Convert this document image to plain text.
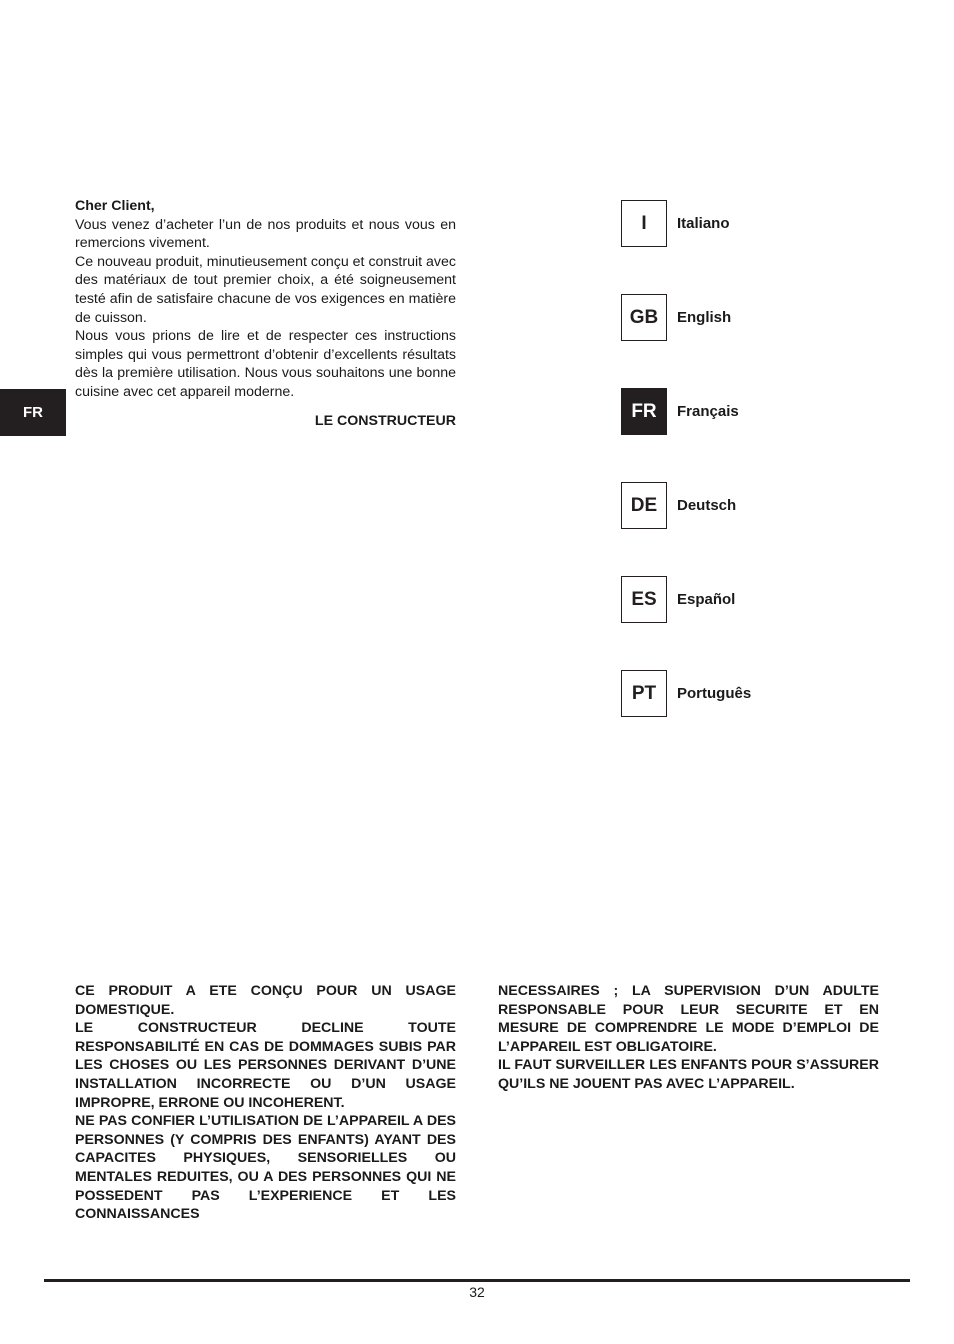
FR

Cher Client,

Vous venez d’acheter l’un de nos produits et nous vous en remercions vivement.

Ce nouveau produit, minutieusement conçu et construit avec des matériaux de tout premier choix, a été soigneusement testé afin de satisfaire chacune de vos exigences en matière de cuisson.

Nous vous prions de lire et de respecter ces instructions simples qui vous permettront d’obtenir d’excellents résultats dès la première utilisation. Nous vous souhaitons une bonne cuisine avec cet appareil moderne.

LE CONSTRUCTEUR

I	Italiano
GB	English
FR	Français
DE	Deutsch
ES	Español
PT	Português

CE PRODUIT A ETE CONÇU POUR UN USAGE DOMESTIQUE.

LE CONSTRUCTEUR DECLINE TOUTE RESPONSABILITÉ EN CAS DE DOMMAGES SUBIS PAR LES CHOSES OU LES PERSONNES DERIVANT D’UNE INSTALLATION INCORRECTE OU D’UN USAGE IMPROPRE, ERRONE OU INCOHERENT.

NE PAS CONFIER L’UTILISATION DE L’APPAREIL A DES PERSONNES (Y COMPRIS DES ENFANTS) AYANT DES CAPACITES PHYSIQUES, SENSORIELLES OU MENTALES REDUITES, OU A DES PERSONNES QUI NE POSSEDENT PAS L’EXPERIENCE ET LES CONNAISSANCES

NECESSAIRES ; LA SUPERVISION D’UN ADULTE RESPONSABLE POUR LEUR SECURITE ET EN MESURE DE COMPRENDRE LE MODE D’EMPLOI DE L’APPAREIL EST OBLIGATOIRE.

IL FAUT SURVEILLER LES ENFANTS POUR S’ASSURER QU’ILS NE JOUENT PAS AVEC L’APPAREIL.

32
